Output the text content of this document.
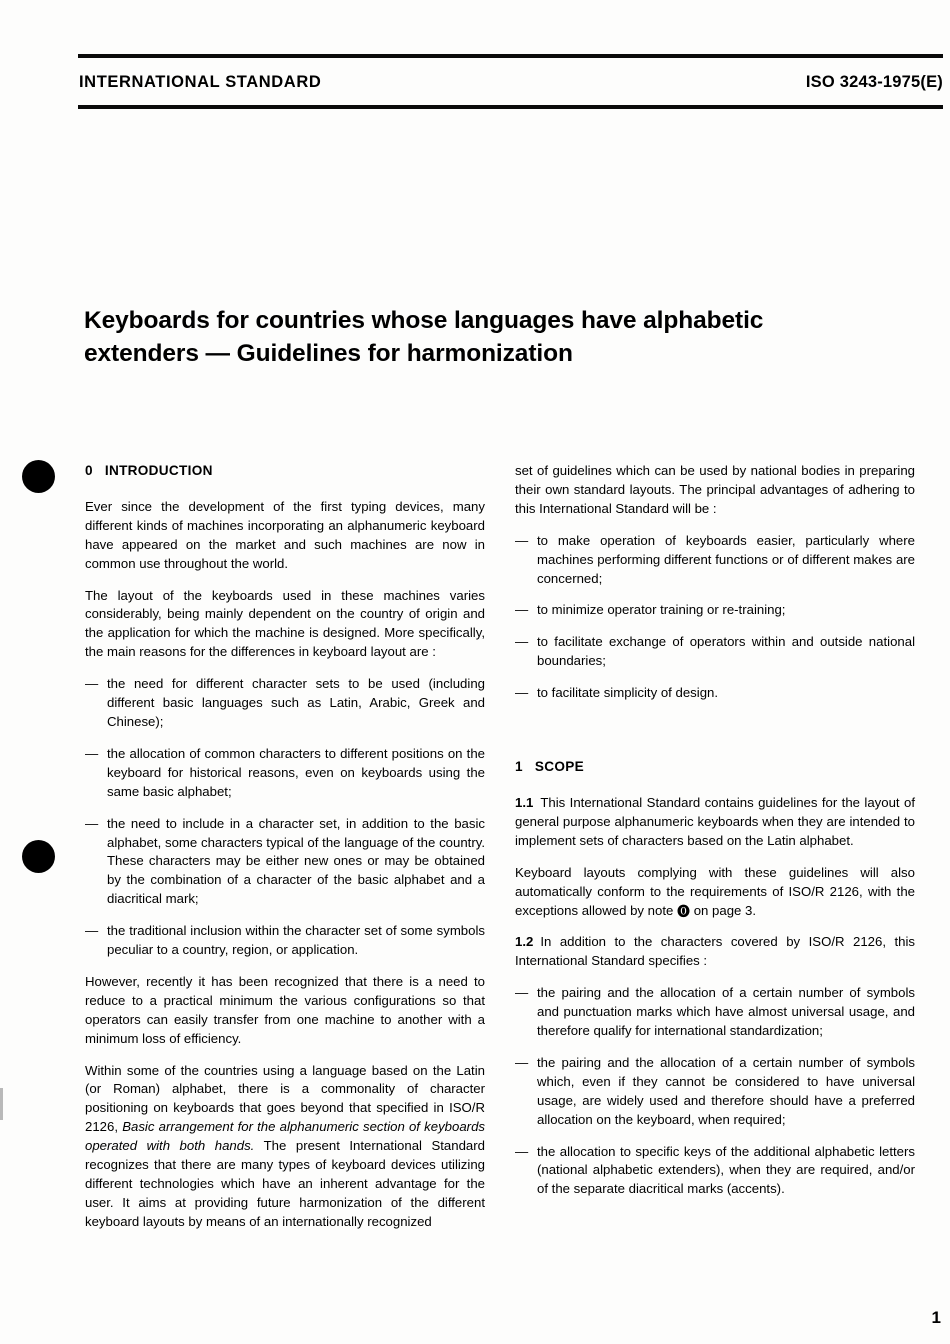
INTERNATIONAL STANDARD	ISO 3243-1975(E)
Keyboards for countries whose languages have alphabetic extenders — Guidelines for harmonization

0 INTRODUCTION

Ever since the development of the first typing devices, many different kinds of machines incorporating an alphanumeric keyboard have appeared on the market and such machines are now in common use throughout the world.

The layout of the keyboards used in these machines varies considerably, being mainly dependent on the country of origin and the application for which the machine is designed. More specifically, the main reasons for the differences in keyboard layout are :

— the need for different character sets to be used (including different basic languages such as Latin, Arabic, Greek and Chinese);

— the allocation of common characters to different positions on the keyboard for historical reasons, even on keyboards using the same basic alphabet;

— the need to include in a character set, in addition to the basic alphabet, some characters typical of the language of the country. These characters may be either new ones or may be obtained by the combination of a character of the basic alphabet and a diacritical mark;

— the traditional inclusion within the character set of some symbols peculiar to a country, region, or application.

However, recently it has been recognized that there is a need to reduce to a practical minimum the various configurations so that operators can easily transfer from one machine to another with a minimum loss of efficiency.

Within some of the countries using a language based on the Latin (or Roman) alphabet, there is a commonality of character positioning on keyboards that goes beyond that specified in ISO/R 2126, Basic arrangement for the alphanumeric section of keyboards operated with both hands. The present International Standard recognizes that there are many types of keyboard devices utilizing different technologies which have an inherent advantage for the user. It aims at providing future harmonization of the different keyboard layouts by means of an internationally recognized

set of guidelines which can be used by national bodies in preparing their own standard layouts. The principal advantages of adhering to this International Standard will be :

— to make operation of keyboards easier, particularly where machines performing different functions or of different makes are concerned;

— to minimize operator training or re-training;

— to facilitate exchange of operators within and outside national boundaries;

— to facilitate simplicity of design.

1 SCOPE

1.1 This International Standard contains guidelines for the layout of general purpose alphanumeric keyboards when they are intended to implement sets of characters based on the Latin alphabet.

Keyboard layouts complying with these guidelines will also automatically conform to the requirements of ISO/R 2126, with the exceptions allowed by note ⓿ on page 3.

1.2 In addition to the characters covered by ISO/R 2126, this International Standard specifies :

— the pairing and the allocation of a certain number of symbols and punctuation marks which have almost universal usage, and therefore qualify for international standardization;

— the pairing and the allocation of a certain number of symbols which, even if they cannot be considered to have universal usage, are widely used and therefore should have a preferred allocation on the keyboard, when required;

— the allocation to specific keys of the additional alphabetic letters (national alphabetic extenders), when they are required, and/or of the separate diacritical marks (accents).

1
